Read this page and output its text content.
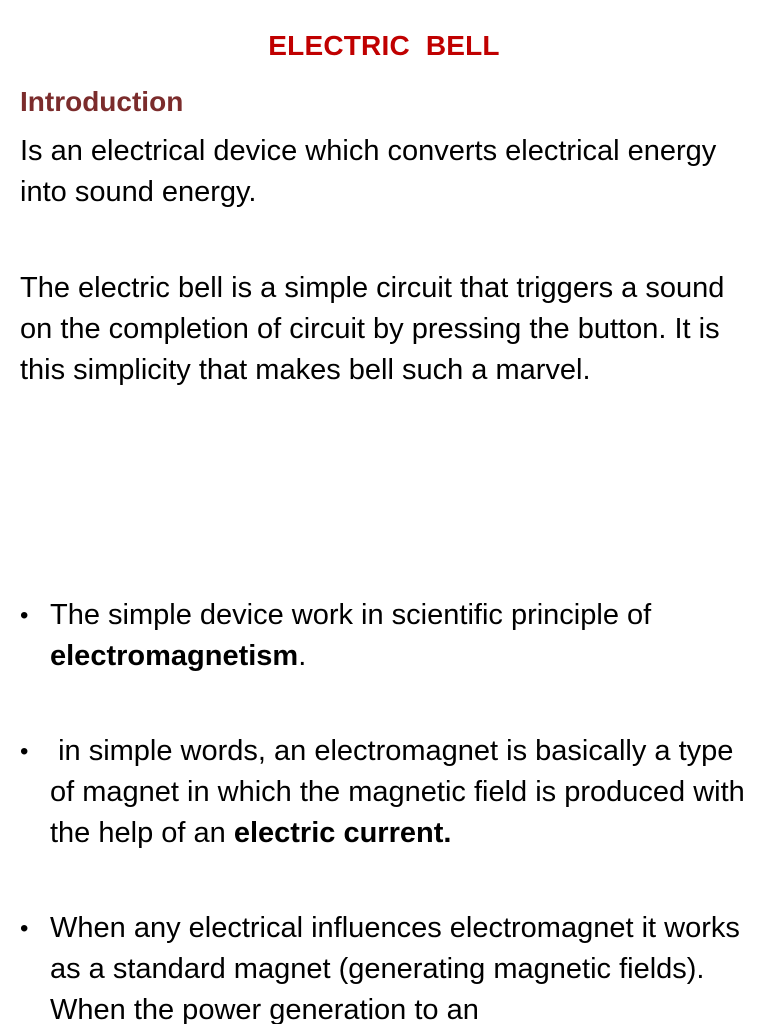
ELECTRIC  BELL
Introduction
Is an electrical device which converts electrical energy into sound energy.
The electric bell is a simple circuit that triggers a sound on the completion of circuit by pressing the button. It is this simplicity that makes bell such a marvel.
• The simple device work in scientific principle of electromagnetism.
• in simple words, an electromagnet is basically a type of magnet in which the magnetic field is produced with the help of an electric current.
• When any electrical influences electromagnet it works as a standard magnet (generating magnetic fields). When the power generation to an
